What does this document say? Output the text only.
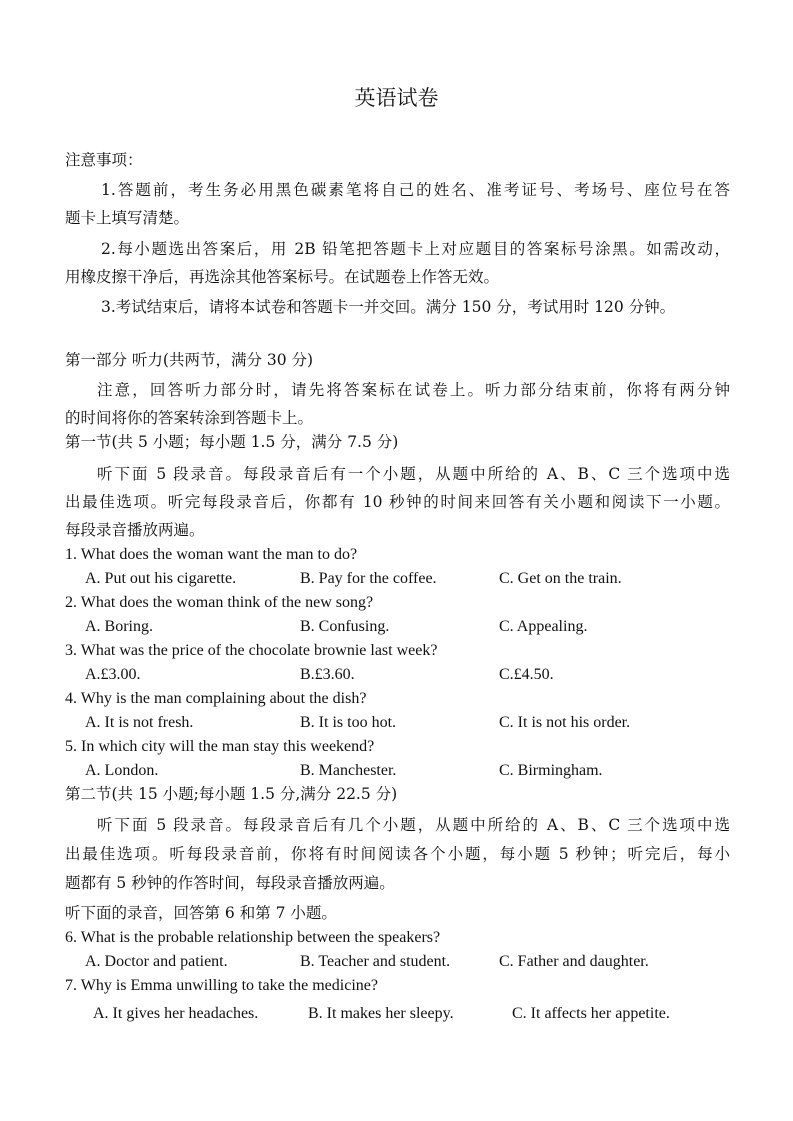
英语试卷
注意事项：
1.答题前，考生务必用黑色碳素笔将自己的姓名、准考证号、考场号、座位号在答
题卡上填写清楚。
2.每小题选出答案后，用 2B 铅笔把答题卡上对应题目的答案标号涂黑。如需改动，
用橡皮擦干净后，再选涂其他答案标号。在试题卷上作答无效。
3.考试结束后，请将本试卷和答题卡一并交回。满分 150 分，考试用时 120 分钟。
第一部分 听力(共两节，满分 30 分)
注意，回答听力部分时，请先将答案标在试卷上。听力部分结束前，你将有两分钟
的时间将你的答案转涂到答题卡上。
第一节(共 5 小题；每小题 1.5 分，满分 7.5 分)
听下面 5 段录音。每段录音后有一个小题，从题中所给的 A、B、C 三个选项中选
出最佳选项。听完每段录音后，你都有 10 秒钟的时间来回答有关小题和阅读下一小题。
每段录音播放两遍。
1. What does the woman want the man to do?
A. Put out his cigarette.	B. Pay for the coffee.	C. Get on the train.
2. What does the woman think of the new song?
A. Boring.	B. Confusing.	C. Appealing.
3. What was the price of the chocolate brownie last week?
A.£3.00.	B.£3.60.	C.£4.50.
4. Why is the man complaining about the dish?
A. It is not fresh.	B. It is too hot.	C. It is not his order.
5. In which city will the man stay this weekend?
A. London.	B. Manchester.	C. Birmingham.
第二节(共 15 小题;每小题 1.5 分,满分 22.5 分)
听下面 5 段录音。每段录音后有几个小题，从题中所给的 A、B、C 三个选项中选
出最佳选项。听每段录音前，你将有时间阅读各个小题，每小题 5 秒钟；听完后，每小
题都有 5 秒钟的作答时间，每段录音播放两遍。
听下面的录音，回答第 6 和第 7 小题。
6. What is the probable relationship between the speakers?
A. Doctor and patient.	B. Teacher and student.	C. Father and daughter.
7. Why is Emma unwilling to take the medicine?
A. It gives her headaches.	B. It makes her sleepy.	C. It affects her appetite.
